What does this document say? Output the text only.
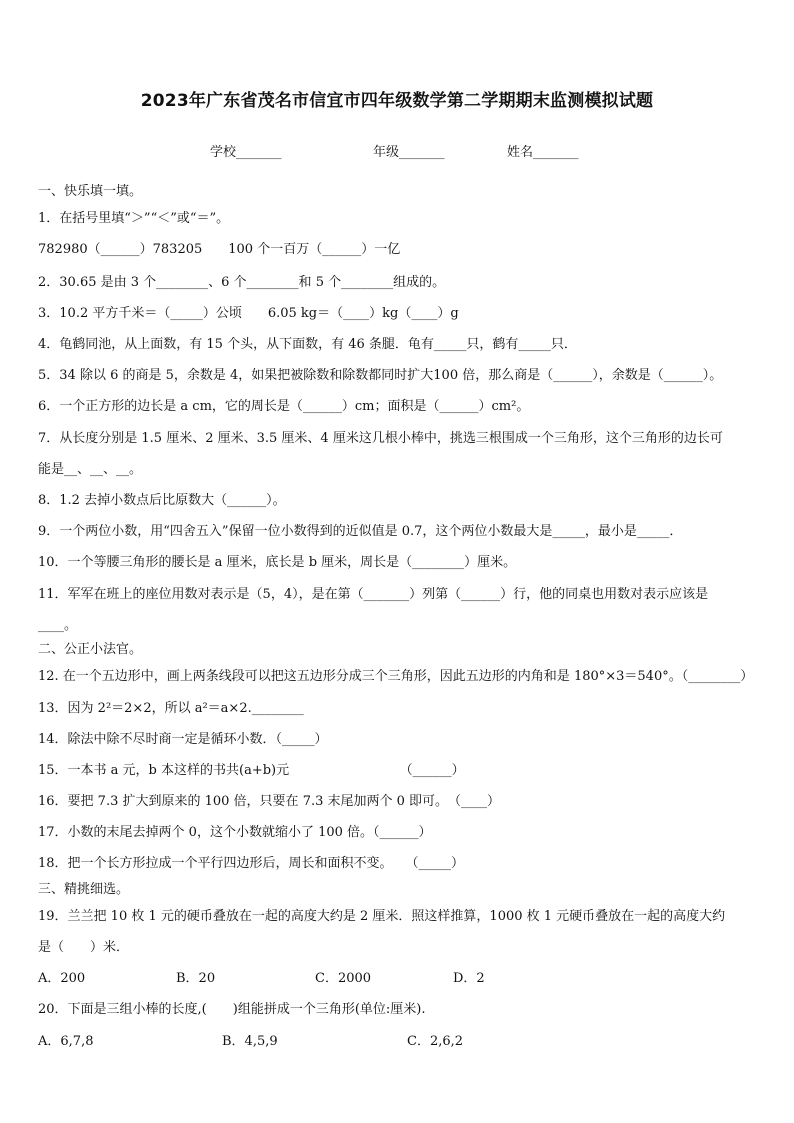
2023年广东省茂名市信宜市四年级数学第二学期期末监测模拟试题
学校_______	年级_______	姓名_______
一、快乐填一填。
1．在括号里填“＞”“＜”或“＝”。
782980（______）783205　　100 个一百万（______）一亿
2．30.65 是由 3 个________、6 个________和 5 个________组成的。
3．10.2 平方千米＝（_____）公顷　　6.05 kg＝（____）kg（____）g
4．龟鹤同池，从上面数，有 15 个头，从下面数，有 46 条腿．龟有_____只，鹤有_____只．
5．34 除以 6 的商是 5，余数是 4，如果把被除数和除数都同时扩大100 倍，那么商是（______），余数是（______）。
6．一个正方形的边长是 a cm，它的周长是（______）cm；面积是（______）cm²。
7．从长度分别是 1.5 厘米、2 厘米、3.5 厘米、4 厘米这几根小棒中，挑选三根围成一个三角形，这个三角形的边长可
能是__、__、__。
8．1.2 去掉小数点后比原数大（______）。
9．一个两位小数，用“四舍五入”保留一位小数得到的近似值是 0.7，这个两位小数最大是_____，最小是_____．
10．一个等腰三角形的腰长是 a 厘米，底长是 b 厘米，周长是（________）厘米。
11．军军在班上的座位用数对表示是（5，4），是在第（_______）列第（______）行，他的同桌也用数对表示应该是
____。
二、公正小法官。
12. 在一个五边形中，画上两条线段可以把这五边形分成三个三角形，因此五边形的内角和是 180°×3＝540°。（________）
13．因为 2²＝2×2，所以 a²＝a×2.________
14．除法中除不尽时商一定是循环小数．（_____）
15．一本书 a 元，b 本这样的书共(a+b)元　　　　　　　　　（______）
16．要把 7.3 扩大到原来的 100 倍，只要在 7.3 末尾加两个 0 即可。　（____）
17．小数的末尾去掉两个 0，这个小数就缩小了 100 倍。（______）
18．把一个长方形拉成一个平行四边形后，周长和面积不变。　　（_____）
三、精挑细选。
19．兰兰把 10 枚 1 元的硬币叠放在一起的高度大约是 2 厘米．照这样推算，1000 枚 1 元硬币叠放在一起的高度大约
是（　　）米．
A．200	B．20	C．2000	D．2
20．下面是三组小棒的长度,(　　)组能拼成一个三角形(单位:厘米).
A．6,7,8	B．4,5,9	C．2,6,2
